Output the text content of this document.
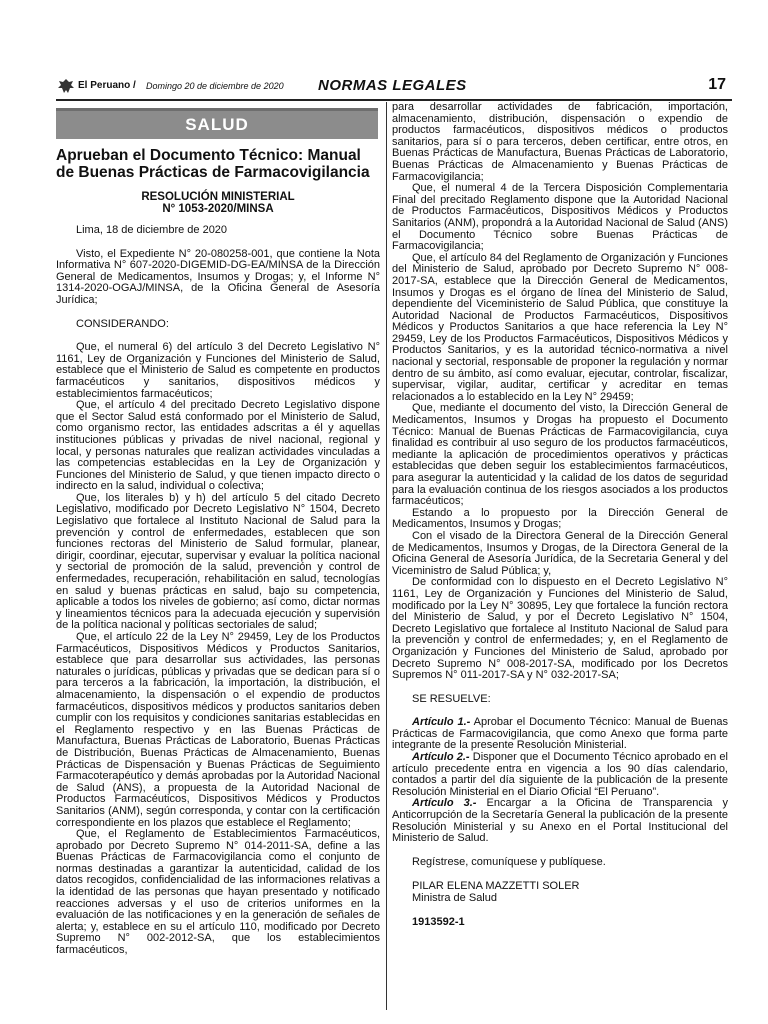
El Peruano / Domingo 20 de diciembre de 2020 NORMAS LEGALES	17
SALUD
Aprueban el Documento Técnico: Manual de Buenas Prácticas de Farmacovigilancia
RESOLUCIÓN MINISTERIAL
N° 1053-2020/MINSA

Lima, 18 de diciembre de 2020

Visto, el Expediente N° 20-080258-001, que contiene la Nota Informativa N° 607-2020-DIGEMID-DG-EA/MINSA de la Dirección General de Medicamentos, Insumos y Drogas; y, el Informe N° 1314-2020-OGAJ/MINSA, de la Oficina General de Asesoría Jurídica;

CONSIDERANDO:

Que, el numeral 6) del artículo 3 del Decreto Legislativo N° 1161, Ley de Organización y Funciones del Ministerio de Salud, establece que el Ministerio de Salud es competente en productos farmacéuticos y sanitarios, dispositivos médicos y establecimientos farmacéuticos;

Que, el artículo 4 del precitado Decreto Legislativo dispone que el Sector Salud está conformado por el Ministerio de Salud, como organismo rector, las entidades adscritas a él y aquellas instituciones públicas y privadas de nivel nacional, regional y local, y personas naturales que realizan actividades vinculadas a las competencias establecidas en la Ley de Organización y Funciones del Ministerio de Salud, y que tienen impacto directo o indirecto en la salud, individual o colectiva;

Que, los literales b) y h) del artículo 5 del citado Decreto Legislativo, modificado por Decreto Legislativo N° 1504, Decreto Legislativo que fortalece al Instituto Nacional de Salud para la prevención y control de enfermedades, establecen que son funciones rectoras del Ministerio de Salud formular, planear, dirigir, coordinar, ejecutar, supervisar y evaluar la política nacional y sectorial de promoción de la salud, prevención y control de enfermedades, recuperación, rehabilitación en salud, tecnologías en salud y buenas prácticas en salud, bajo su competencia, aplicable a todos los niveles de gobierno; así como, dictar normas y lineamientos técnicos para la adecuada ejecución y supervisión de la política nacional y políticas sectoriales de salud;

Que, el artículo 22 de la Ley N° 29459, Ley de los Productos Farmacéuticos, Dispositivos Médicos y Productos Sanitarios, establece que para desarrollar sus actividades, las personas naturales o jurídicas, públicas y privadas que se dedican para sí o para terceros a la fabricación, la importación, la distribución, el almacenamiento, la dispensación o el expendio de productos farmacéuticos, dispositivos médicos y productos sanitarios deben cumplir con los requisitos y condiciones sanitarias establecidas en el Reglamento respectivo y en las Buenas Prácticas de Manufactura, Buenas Prácticas de Laboratorio, Buenas Prácticas de Distribución, Buenas Prácticas de Almacenamiento, Buenas Prácticas de Dispensación y Buenas Prácticas de Seguimiento Farmacoterapéutico y demás aprobadas por la Autoridad Nacional de Salud (ANS), a propuesta de la Autoridad Nacional de Productos Farmacéuticos, Dispositivos Médicos y Productos Sanitarios (ANM), según corresponda, y contar con la certificación correspondiente en los plazos que establece el Reglamento;

Que, el Reglamento de Establecimientos Farmacéuticos, aprobado por Decreto Supremo N° 014-2011-SA, define a las Buenas Prácticas de Farmacovigilancia como el conjunto de normas destinadas a garantizar la autenticidad, calidad de los datos recogidos, confidencialidad de las informaciones relativas a la identidad de las personas que hayan presentado y notificado reacciones adversas y el uso de criterios uniformes en la evaluación de las notificaciones y en la generación de señales de alerta; y, establece en su el artículo 110, modificado por Decreto Supremo N° 002-2012-SA, que los establecimientos farmacéuticos,

para desarrollar actividades de fabricación, importación, almacenamiento, distribución, dispensación o expendio de productos farmacéuticos, dispositivos médicos o productos sanitarios, para sí o para terceros, deben certificar, entre otros, en Buenas Prácticas de Manufactura, Buenas Prácticas de Laboratorio, Buenas Prácticas de Almacenamiento y Buenas Prácticas de Farmacovigilancia;

Que, el numeral 4 de la Tercera Disposición Complementaria Final del precitado Reglamento dispone que la Autoridad Nacional de Productos Farmacéuticos, Dispositivos Médicos y Productos Sanitarios (ANM), propondrá a la Autoridad Nacional de Salud (ANS) el Documento Técnico sobre Buenas Prácticas de Farmacovigilancia;

Que, el artículo 84 del Reglamento de Organización y Funciones del Ministerio de Salud, aprobado por Decreto Supremo N° 008-2017-SA, establece que la Dirección General de Medicamentos, Insumos y Drogas es el órgano de línea del Ministerio de Salud, dependiente del Viceministerio de Salud Pública, que constituye la Autoridad Nacional de Productos Farmacéuticos, Dispositivos Médicos y Productos Sanitarios a que hace referencia la Ley N° 29459, Ley de los Productos Farmacéuticos, Dispositivos Médicos y Productos Sanitarios, y es la autoridad técnico-normativa a nivel nacional y sectorial, responsable de proponer la regulación y normar dentro de su ámbito, así como evaluar, ejecutar, controlar, fiscalizar, supervisar, vigilar, auditar, certificar y acreditar en temas relacionados a lo establecido en la Ley N° 29459;

Que, mediante el documento del visto, la Dirección General de Medicamentos, Insumos y Drogas ha propuesto el Documento Técnico: Manual de Buenas Prácticas de Farmacovigilancia, cuya finalidad es contribuir al uso seguro de los productos farmacéuticos, mediante la aplicación de procedimientos operativos y prácticas establecidas que deben seguir los establecimientos farmacéuticos, para asegurar la autenticidad y la calidad de los datos de seguridad para la evaluación continua de los riesgos asociados a los productos farmacéuticos;

Estando a lo propuesto por la Dirección General de Medicamentos, Insumos y Drogas;

Con el visado de la Directora General de la Dirección General de Medicamentos, Insumos y Drogas, de la Directora General de la Oficina General de Asesoría Jurídica, de la Secretaria General y del Viceministro de Salud Pública; y,

De conformidad con lo dispuesto en el Decreto Legislativo N° 1161, Ley de Organización y Funciones del Ministerio de Salud, modificado por la Ley N° 30895, Ley que fortalece la función rectora del Ministerio de Salud, y por el Decreto Legislativo N° 1504, Decreto Legislativo que fortalece al Instituto Nacional de Salud para la prevención y control de enfermedades; y, en el Reglamento de Organización y Funciones del Ministerio de Salud, aprobado por Decreto Supremo N° 008-2017-SA, modificado por los Decretos Supremos N° 011-2017-SA y N° 032-2017-SA;

SE RESUELVE:

Artículo 1.- Aprobar el Documento Técnico: Manual de Buenas Prácticas de Farmacovigilancia, que como Anexo que forma parte integrante de la presente Resolución Ministerial.

Artículo 2.- Disponer que el Documento Técnico aprobado en el artículo precedente entra en vigencia a los 90 días calendario, contados a partir del día siguiente de la publicación de la presente Resolución Ministerial en el Diario Oficial “El Peruano”.

Artículo 3.- Encargar a la Oficina de Transparencia y Anticorrupción de la Secretaría General la publicación de la presente Resolución Ministerial y su Anexo en el Portal Institucional del Ministerio de Salud.

Regístrese, comuníquese y publíquese.

PILAR ELENA MAZZETTI SOLER
Ministra de Salud
1913592-1
